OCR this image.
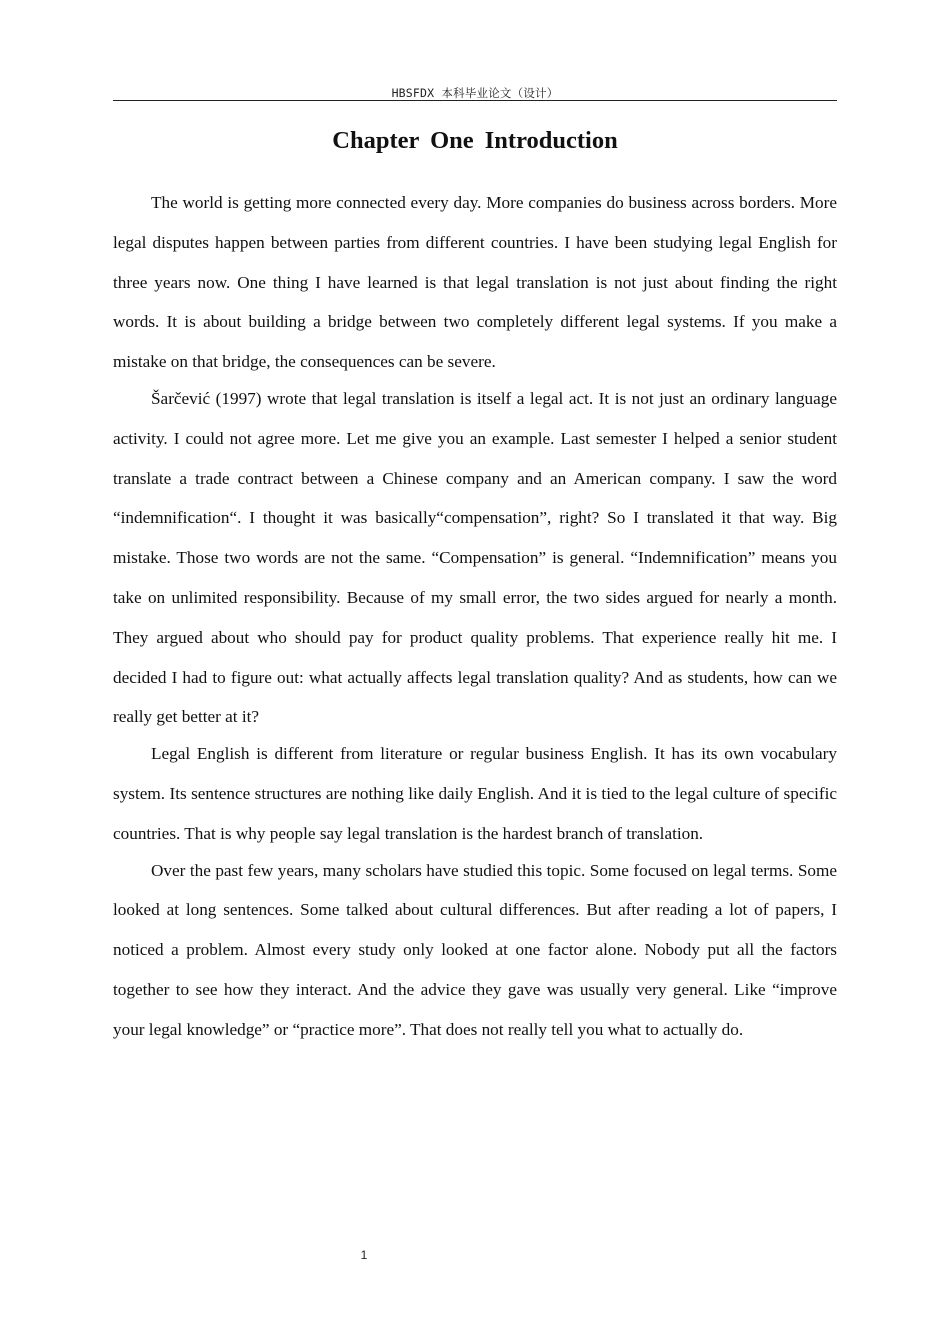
HBSFDX 本科毕业论文（设计）
Chapter One Introduction

The world is getting more connected every day. More companies do business across borders. More legal disputes happen between parties from different countries. I have been studying legal English for three years now. One thing I have learned is that legal translation is not just about finding the right words. It is about building a bridge between two completely different legal systems. If you make a mistake on that bridge, the consequences can be severe.

Šarčević (1997) wrote that legal translation is itself a legal act. It is not just an ordinary language activity. I could not agree more. Let me give you an example. Last semester I helped a senior student translate a trade contract between a Chinese company and an American company. I saw the word “indemnification“. I thought it was basically“compensation”, right? So I translated it that way. Big mistake. Those two words are not the same. “Compensation” is general. “Indemnification” means you take on unlimited responsibility. Because of my small error, the two sides argued for nearly a month. They argued about who should pay for product quality problems. That experience really hit me. I decided I had to figure out: what actually affects legal translation quality? And as students, how can we really get better at it?

Legal English is different from literature or regular business English. It has its own vocabulary system. Its sentence structures are nothing like daily English. And it is tied to the legal culture of specific countries. That is why people say legal translation is the hardest branch of translation.

Over the past few years, many scholars have studied this topic. Some focused on legal terms. Some looked at long sentences. Some talked about cultural differences. But after reading a lot of papers, I noticed a problem. Almost every study only looked at one factor alone. Nobody put all the factors together to see how they interact. And the advice they gave was usually very general. Like “improve your legal knowledge” or “practice more”. That does not really tell you what to actually do.

1
